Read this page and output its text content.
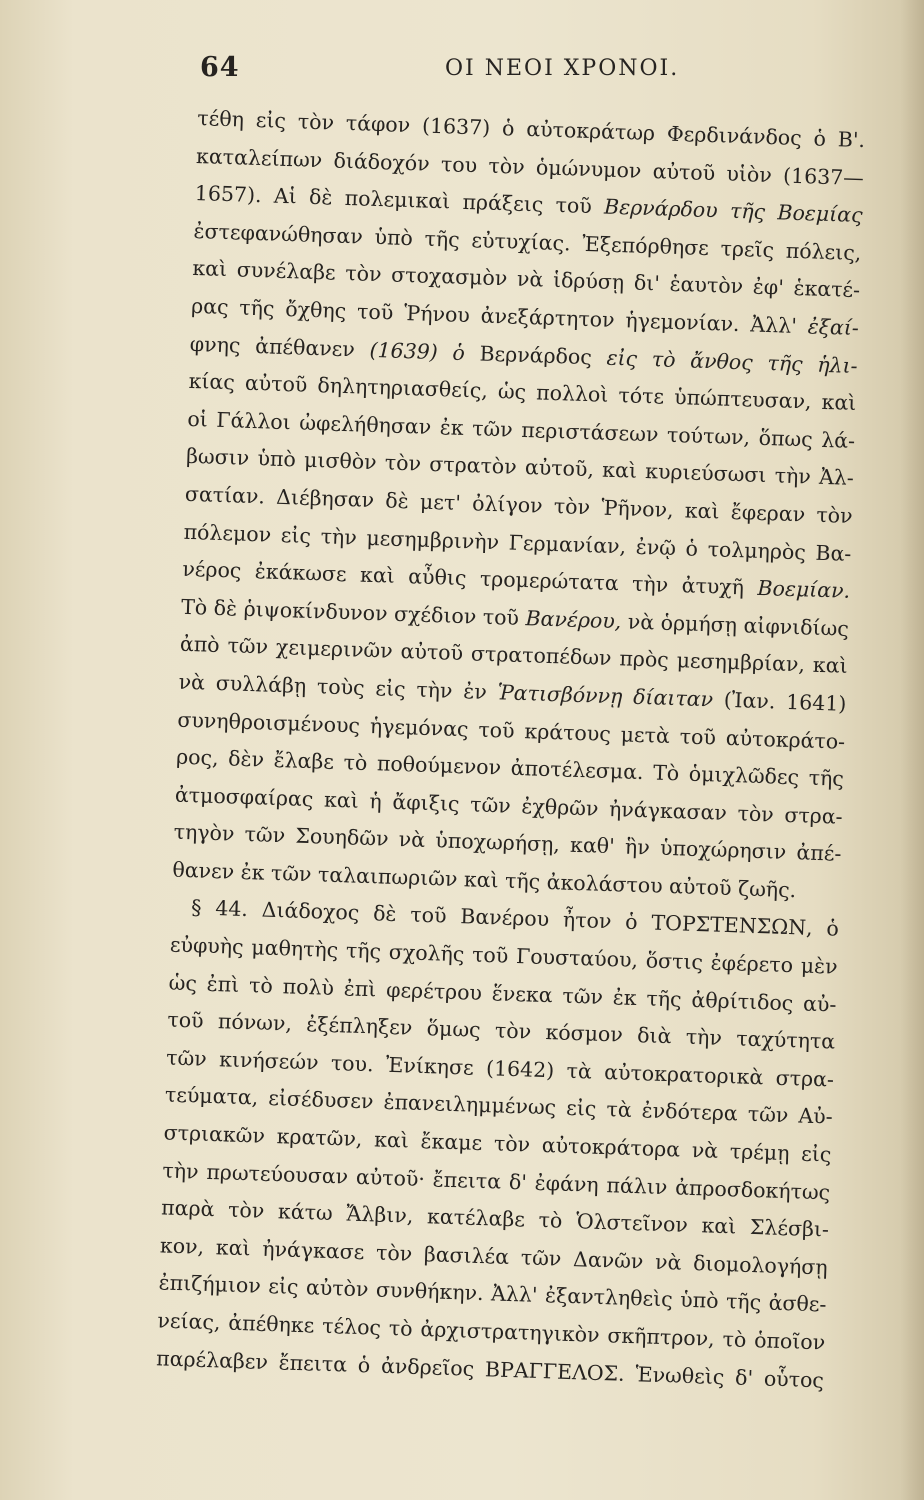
64	ΟΙ ΝΕΟΙ ΧΡΟΝΟΙ.
τέθη εἰς τὸν τάφον (1637) ὁ αὐτοκράτωρ Φερδινάνδος ὁ Β'.
καταλείπων διάδοχόν του τὸν ὁμώνυμον αὐτοῦ υἱὸν (1637—
1657). Αἱ δὲ πολεμικαὶ πράξεις τοῦ Βερνάρδου τῆς Βοεμίας
ἐστεφανώθησαν ὑπὸ τῆς εὐτυχίας. Ἐξεπόρθησε τρεῖς πόλεις,
καὶ συνέλαβε τὸν στοχασμὸν νὰ ἱδρύσῃ δι' ἑαυτὸν ἐφ' ἑκατέ-
ρας τῆς ὄχθης τοῦ Ῥήνου ἀνεξάρτητον ἡγεμονίαν. Ἀλλ' ἐξαί-
φνης ἀπέθανεν (1639) ὁ Βερνάρδος εἰς τὸ ἄνθος τῆς ἡλι-
κίας αὐτοῦ δηλητηριασθείς, ὡς πολλοὶ τότε ὑπώπτευσαν, καὶ
οἱ Γάλλοι ὠφελήθησαν ἐκ τῶν περιστάσεων τούτων, ὅπως λά-
βωσιν ὑπὸ μισθὸν τὸν στρατὸν αὐτοῦ, καὶ κυριεύσωσι τὴν Ἀλ-
σατίαν. Διέβησαν δὲ μετ' ὀλίγον τὸν Ῥῆνον, καὶ ἔφεραν τὸν
πόλεμον εἰς τὴν μεσημβρινὴν Γερμανίαν, ἐνῷ ὁ τολμηρὸς Βα-
νέρος ἐκάκωσε καὶ αὖθις τρομερώτατα τὴν ἀτυχῆ Βοεμίαν.
Τὸ δὲ ῥιψοκίνδυνον σχέδιον τοῦ Βανέρου, νὰ ὁρμήσῃ αἰφνιδίως
ἀπὸ τῶν χειμερινῶν αὐτοῦ στρατοπέδων πρὸς μεσημβρίαν, καὶ
νὰ συλλάβῃ τοὺς εἰς τὴν ἐν Ῥατισβόννῃ δίαιταν (Ἰαν. 1641)
συνηθροισμένους ἡγεμόνας τοῦ κράτους μετὰ τοῦ αὐτοκράτο-
ρος, δὲν ἔλαβε τὸ ποθούμενον ἀποτέλεσμα. Τὸ ὁμιχλῶδες τῆς
ἀτμοσφαίρας καὶ ἡ ἄφιξις τῶν ἐχθρῶν ἠνάγκασαν τὸν στρα-
τηγὸν τῶν Σουηδῶν νὰ ὑποχωρήσῃ, καθ' ἣν ὑποχώρησιν ἀπέ-
θανεν ἐκ τῶν ταλαιπωριῶν καὶ τῆς ἀκολάστου αὐτοῦ ζωῆς.
§ 44. Διάδοχος δὲ τοῦ Βανέρου ἦτον ὁ ΤΟΡΣΤΕΝΣΩΝ, ὁ
εὐφυὴς μαθητὴς τῆς σχολῆς τοῦ Γουσταύου, ὅστις ἐφέρετο μὲν
ὡς ἐπὶ τὸ πολὺ ἐπὶ φερέτρου ἕνεκα τῶν ἐκ τῆς ἀθρίτιδος αὐ-
τοῦ πόνων, ἐξέπληξεν ὅμως τὸν κόσμον διὰ τὴν ταχύτητα
τῶν κινήσεών του. Ἐνίκησε (1642) τὰ αὐτοκρατορικὰ στρα-
τεύματα, εἰσέδυσεν ἐπανειλημμένως εἰς τὰ ἐνδότερα τῶν Αὐ-
στριακῶν κρατῶν, καὶ ἔκαμε τὸν αὐτοκράτορα νὰ τρέμῃ εἰς
τὴν πρωτεύουσαν αὐτοῦ· ἔπειτα δ' ἐφάνη πάλιν ἀπροσδοκήτως
παρὰ τὸν κάτω Ἄλβιν, κατέλαβε τὸ Ὁλστεῖνον καὶ Σλέσβι-
κον, καὶ ἠνάγκασε τὸν βασιλέα τῶν Δανῶν νὰ διομολογήσῃ
ἐπιζήμιον εἰς αὐτὸν συνθήκην. Ἀλλ' ἐξαντληθεὶς ὑπὸ τῆς ἀσθε-
νείας, ἀπέθηκε τέλος τὸ ἀρχιστρατηγικὸν σκῆπτρον, τὸ ὁποῖον
παρέλαβεν ἔπειτα ὁ ἀνδρεῖος ΒΡΑΓΓΕΛΟΣ. Ἑνωθεὶς δ' οὗτος
